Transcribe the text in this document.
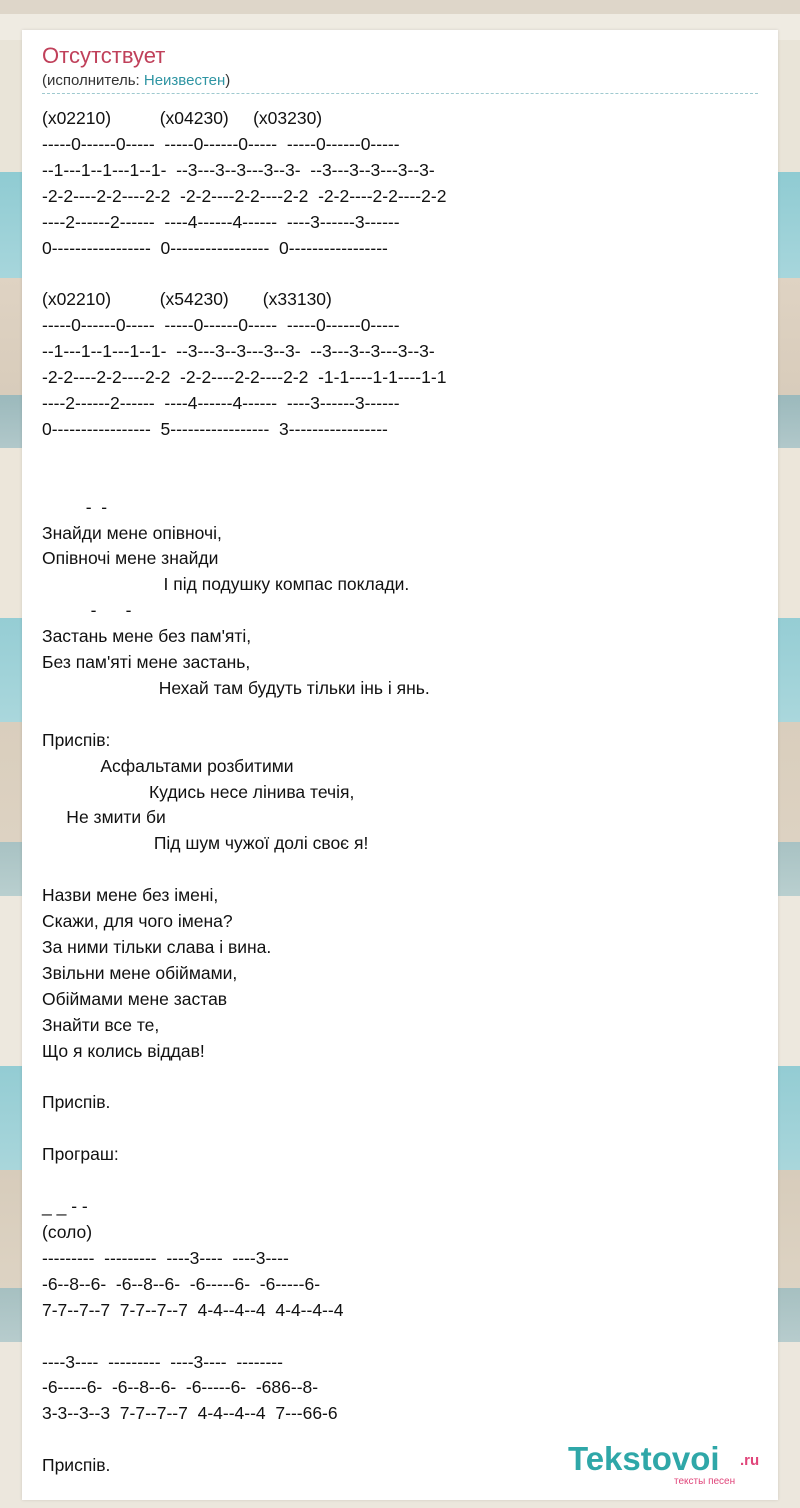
Отсутствует
(исполнитель: Неизвестен)
(x02210)          (x04230)     (x03230)
-----0------0-----  -----0------0-----  -----0------0-----
--1---1--1---1--1-  --3---3--3---3--3-  --3---3--3---3--3-
-2-2----2-2----2-2  -2-2----2-2----2-2  -2-2----2-2----2-2
----2------2------  ----4------4------  ----3------3------
0-----------------  0-----------------  0-----------------

(x02210)          (x54230)       (x33130)
-----0------0-----  -----0------0-----  -----0------0-----
--1---1--1---1--1-  --3---3--3---3--3-  --3---3--3---3--3-
-2-2----2-2----2-2  -2-2----2-2----2-2  -1-1----1-1----1-1
----2------2------  ----4------4------  ----3------3------
0-----------------  5-----------------  3-----------------

-  -
Знайди мене опівночі,
Опівночі мене знайди
І під подушку компас поклади.
-      -
Застань мене без пам'яті,
Без пам'яті мене застань,
Нехай там будуть тільки інь і янь.

Приспів:
Асфальтами розбитими
Кудись несе лінива течія,
Не змити би
Під шум чужої долі своє я!

Назви мене без імені,
Скажи, для чого імена?
За ними тільки слава і вина.
Звільни мене обіймами,
Обіймами мене застав
Знайти все те,
Що я колись віддав!

Приспів.

Програш:

_ _ - -
(соло)
---------  ---------  ----3----  ----3----
-6--8--6-  -6--8--6-  -6-----6-  -6-----6-
7-7--7--7  7-7--7--7  4-4--4--4  4-4--4--4

----3----  ---------  ----3----  --------
-6-----6-  -6--8--6-  -6-----6-  -686--8-
3-3--3--3  7-7--7--7  4-4--4--4  7---66-6

Приспів.	Tekstovoi .ru
тексты песен
